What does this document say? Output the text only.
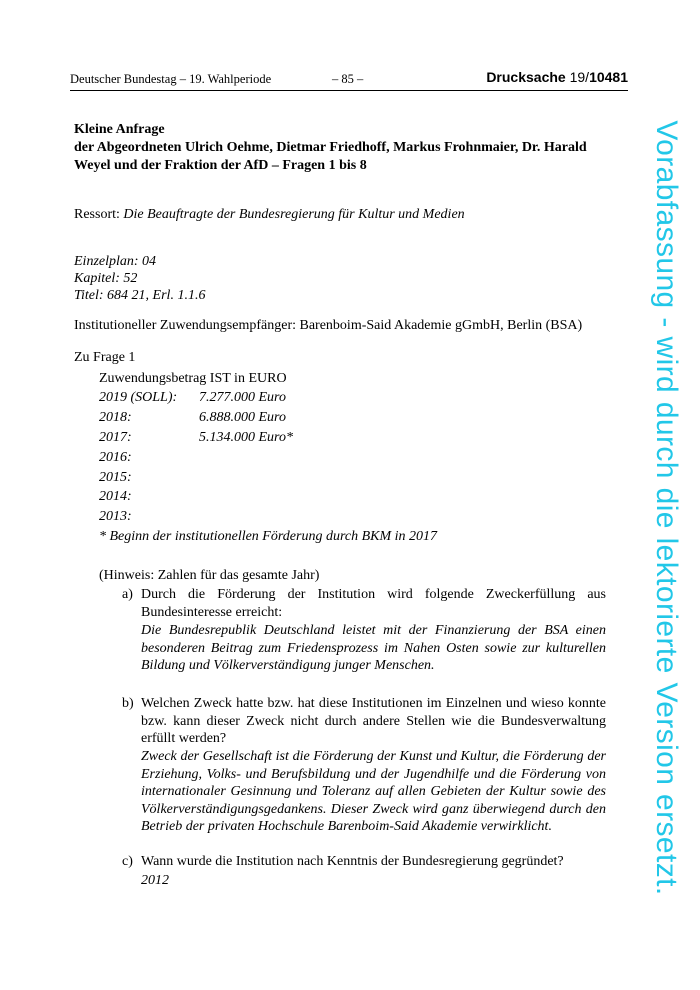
Deutscher Bundestag – 19. Wahlperiode	– 85 –	Drucksache 19/10481
Kleine Anfrage
der Abgeordneten Ulrich Oehme, Dietmar Friedhoff, Markus Frohnmaier, Dr. Harald
Weyel und der Fraktion der AfD – Fragen 1 bis 8
Ressort: Die Beauftragte der Bundesregierung für Kultur und Medien
Einzelplan: 04
Kapitel: 52
Titel: 684 21, Erl. 1.1.6
Institutioneller Zuwendungsempfänger: Barenboim-Said Akademie gGmbH, Berlin (BSA)
Zu Frage 1
Zuwendungsbetrag IST in EURO
2019 (SOLL): 7.277.000 Euro
2018:	6.888.000 Euro
2017:	5.134.000 Euro*
2016:
2015:
2014:
2013:
* Beginn der institutionellen Förderung durch BKM in 2017
(Hinweis: Zahlen für das gesamte Jahr)
a) Durch die Förderung der Institution wird folgende Zweckerfüllung aus Bundesinteresse erreicht:
Die Bundesrepublik Deutschland leistet mit der Finanzierung der BSA einen besonderen Beitrag zum Friedensprozess im Nahen Osten sowie zur kulturellen Bildung und Völkerverständigung junger Menschen.
b) Welchen Zweck hatte bzw. hat diese Institutionen im Einzelnen und wieso konnte bzw. kann dieser Zweck nicht durch andere Stellen wie die Bundesverwaltung erfüllt werden?
Zweck der Gesellschaft ist die Förderung der Kunst und Kultur, die Förderung der Erziehung, Volks- und Berufsbildung und der Jugendhilfe und die Förderung von internationaler Gesinnung und Toleranz auf allen Gebieten der Kultur sowie des Völkerverständigungsgedankens. Dieser Zweck wird ganz überwiegend durch den Betrieb der privaten Hochschule Barenboim-Said Akademie verwirklicht.
c) Wann wurde die Institution nach Kenntnis der Bundesregierung gegründet?
2012	Vorabfassung - wird durch die lektorierte Version ersetzt.
